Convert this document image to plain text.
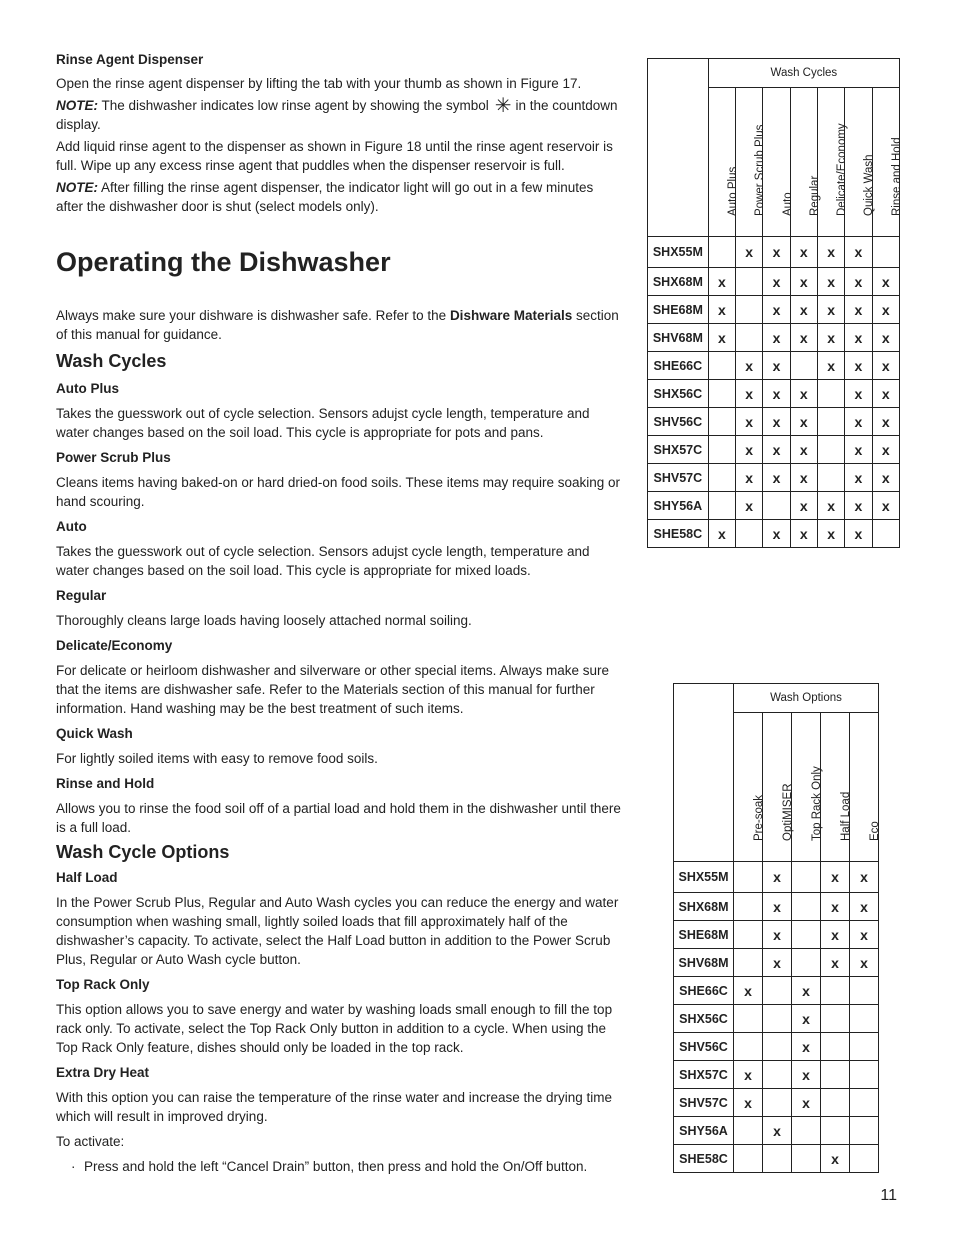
Rinse Agent Dispenser

Open the rinse agent dispenser by lifting the tab with your thumb as shown in Figure 17.

NOTE: The dishwasher indicates low rinse agent by showing the symbol ✳ in the countdown display.

Add liquid rinse agent to the dispenser as shown in Figure 18 until the rinse agent reservoir is full. Wipe up any excess rinse agent that puddles when the dispenser reservoir is full.

NOTE: After filling the rinse agent dispenser, the indicator light will go out in a few minutes after the dishwasher door is shut (select models only).

Operating the Dishwasher

Always make sure your dishware is dishwasher safe. Refer to the Dishware Materials section of this manual for guidance.

Wash Cycles

Auto Plus

Takes the guesswork out of cycle selection. Sensors adujst cycle length, temperature and water changes based on the soil load. This cycle is appropriate for pots and pans.

Power Scrub Plus

Cleans items having baked-on or hard dried-on food soils. These items may require soaking or hand scouring.

Auto

Takes the guesswork out of cycle selection. Sensors adujst cycle length, temperature and water changes based on the soil load. This cycle is appropriate for mixed loads.

Regular

Thoroughly cleans large loads having loosely attached normal soiling.

Delicate/Economy

For delicate or heirloom dishwasher and silverware or other special items. Always make sure that the items are dishwasher safe. Refer to the Materials section of this manual for further information. Hand washing may be the best treatment of such items.

Quick Wash

For lightly soiled items with easy to remove food soils.

Rinse and Hold

Allows you to rinse the food soil off of a partial load and hold them in the dishwasher until there is a full load.

Wash Cycle Options

Half Load

In the Power Scrub Plus, Regular and Auto Wash cycles you can reduce the energy and water consumption when washing small, lightly soiled loads that fill approximately half of the dishwasher’s capacity. To activate, select the Half Load button in addition to the Power Scrub Plus, Regular or Auto Wash cycle button.

Top Rack Only

This option allows you to save energy and water by washing loads small enough to fill the top rack only. To activate, select the Top Rack Only button in addition to a cycle. When using the Top Rack Only feature, dishes should only be loaded in the top rack.

Extra Dry Heat

With this option you can raise the temperature of the rinse water and increase the drying time which will result in improved drying.

To activate:

· Press and hold the left “Cancel Drain” button, then press and hold the On/Off button.

	Wash Cycles						

	Auto Plus	Power Scrub Plus	Auto	Regular	Delicate/Economy	Quick Wash	Rinse and Hold

SHX55M		x	x	x	x	x	
SHX68M	x		x	x	x	x	x
SHE68M	x		x	x	x	x	x
SHV68M	x		x	x	x	x	x
SHE66C		x	x		x	x	x
SHX56C		x	x	x		x	x
SHV56C		x	x	x		x	x
SHX57C		x	x	x		x	x
SHV57C		x	x	x		x	x
SHY56A		x		x	x	x	x
SHE58C	x		x	x	x	x	
	Wash Options				

	Pre-soak	OptiMISER	Top Rack Only	Half Load	Eco

SHX55M		x		x	x
SHX68M		x		x	x
SHE68M		x		x	x
SHV68M		x		x	x
SHE66C	x		x		
SHX56C			x		
SHV56C			x		
SHX57C	x		x		
SHV57C	x		x		
SHY56A		x			
SHE58C				x	
11
